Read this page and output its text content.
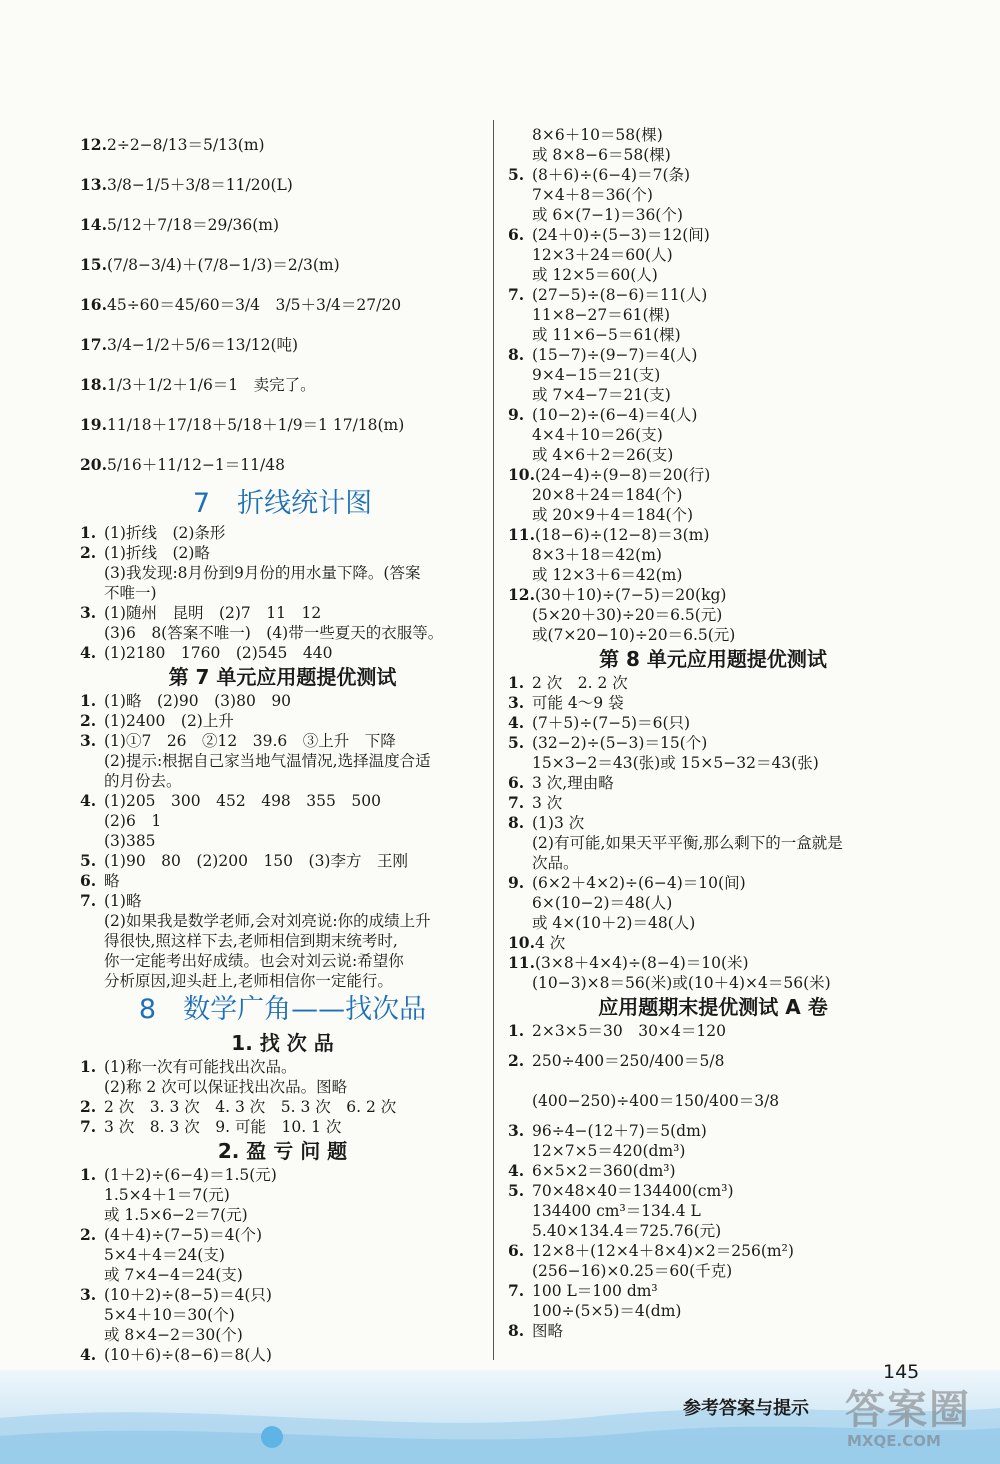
12.2÷2−8/13＝5/13(m)
13.3/8−1/5＋3/8＝11/20(L)
14.5/12＋7/18＝29/36(m)
15.(7/8−3/4)＋(7/8−1/3)＝2/3(m)
16.45÷60＝45/60＝3/4　3/5＋3/4＝27/20
17.3/4−1/2＋5/6＝13/12(吨)
18.1/3＋1/2＋1/6＝1　卖完了。
19.11/18＋17/18＋5/18＋1/9＝1 17/18(m)
20.5/16＋11/12−1＝11/48
7　折线统计图
1. (1)折线　(2)条形
2. (1)折线　(2)略
(3)我发现:8月份到9月份的用水量下降。(答案
不唯一)
3. (1)随州　昆明　(2)7　11　12
(3)6　8(答案不唯一)　(4)带一些夏天的衣服等。
4. (1)2180　1760　(2)545　440
第 7 单元应用题提优测试
1. (1)略　(2)90　(3)80　90
2. (1)2400　(2)上升
3. (1)①7　26　②12　39.6　③上升　下降
(2)提示:根据自己家当地气温情况,选择温度合适
的月份去。
4. (1)205　300　452　498　355　500
(2)6　1
(3)385
5. (1)90　80　(2)200　150　(3)李方　王刚
6. 略
7. (1)略
(2)如果我是数学老师,会对刘亮说:你的成绩上升
得很快,照这样下去,老师相信到期末统考时,
你一定能考出好成绩。也会对刘云说:希望你
分析原因,迎头赶上,老师相信你一定能行。
8　数学广角——找次品
1. 找 次 品
1. (1)称一次有可能找出次品。
(2)称 2 次可以保证找出次品。图略
2. 2 次　3. 3 次　4. 3 次　5. 3 次　6. 2 次
7. 3 次　8. 3 次　9. 可能　10. 1 次
2. 盈 亏 问 题
1. (1＋2)÷(6−4)＝1.5(元)
1.5×4＋1＝7(元)
或 1.5×6−2＝7(元)
2. (4＋4)÷(7−5)＝4(个)
5×4＋4＝24(支)
或 7×4−4＝24(支)
3. (10＋2)÷(8−5)＝4(只)
5×4＋10＝30(个)
或 8×4−2＝30(个)
4. (10＋6)÷(8−6)＝8(人)
8×6＋10＝58(棵)
或 8×8−6＝58(棵)
5. (8＋6)÷(6−4)＝7(条)
7×4＋8＝36(个)
或 6×(7−1)＝36(个)
6. (24＋0)÷(5−3)＝12(间)
12×3＋24＝60(人)
或 12×5＝60(人)
7. (27−5)÷(8−6)＝11(人)
11×8−27＝61(棵)
或 11×6−5＝61(棵)
8. (15−7)÷(9−7)＝4(人)
9×4−15＝21(支)
或 7×4−7＝21(支)
9. (10−2)÷(6−4)＝4(人)
4×4＋10＝26(支)
或 4×6＋2＝26(支)
10.(24−4)÷(9−8)＝20(行)
20×8＋24＝184(个)
或 20×9＋4＝184(个)
11.(18−6)÷(12−8)＝3(m)
8×3＋18＝42(m)
或 12×3＋6＝42(m)
12.(30＋10)÷(7−5)＝20(kg)
(5×20＋30)÷20＝6.5(元)
或(7×20−10)÷20＝6.5(元)
第 8 单元应用题提优测试
1. 2 次　2. 2 次
3. 可能 4～9 袋
4. (7＋5)÷(7−5)＝6(只)
5. (32−2)÷(5−3)＝15(个)
15×3−2＝43(张)或 15×5−32＝43(张)
6. 3 次,理由略
7. 3 次
8. (1)3 次
(2)有可能,如果天平平衡,那么剩下的一盒就是
次品。
9. (6×2＋4×2)÷(6−4)＝10(间)
6×(10−2)＝48(人)
或 4×(10＋2)＝48(人)
10.4 次
11.(3×8＋4×4)÷(8−4)＝10(米)
(10−3)×8＝56(米)或(10＋4)×4＝56(米)
应用题期末提优测试 A 卷
1. 2×3×5＝30　30×4＝120
2. 250÷400＝250/400＝5/8
(400−250)÷400＝150/400＝3/8
3. 96÷4−(12＋7)＝5(dm)
12×7×5＝420(dm³)
4. 6×5×2＝360(dm³)
5. 70×48×40＝134400(cm³)
134400 cm³＝134.4 L
5.40×134.4＝725.76(元)
6. 12×8＋(12×4＋8×4)×2＝256(m²)
(256−16)×0.25＝60(千克)
7. 100 L＝100 dm³
100÷(5×5)＝4(dm)
8. 图略
145
参考答案与提示 答案圈
MXQE.COM
